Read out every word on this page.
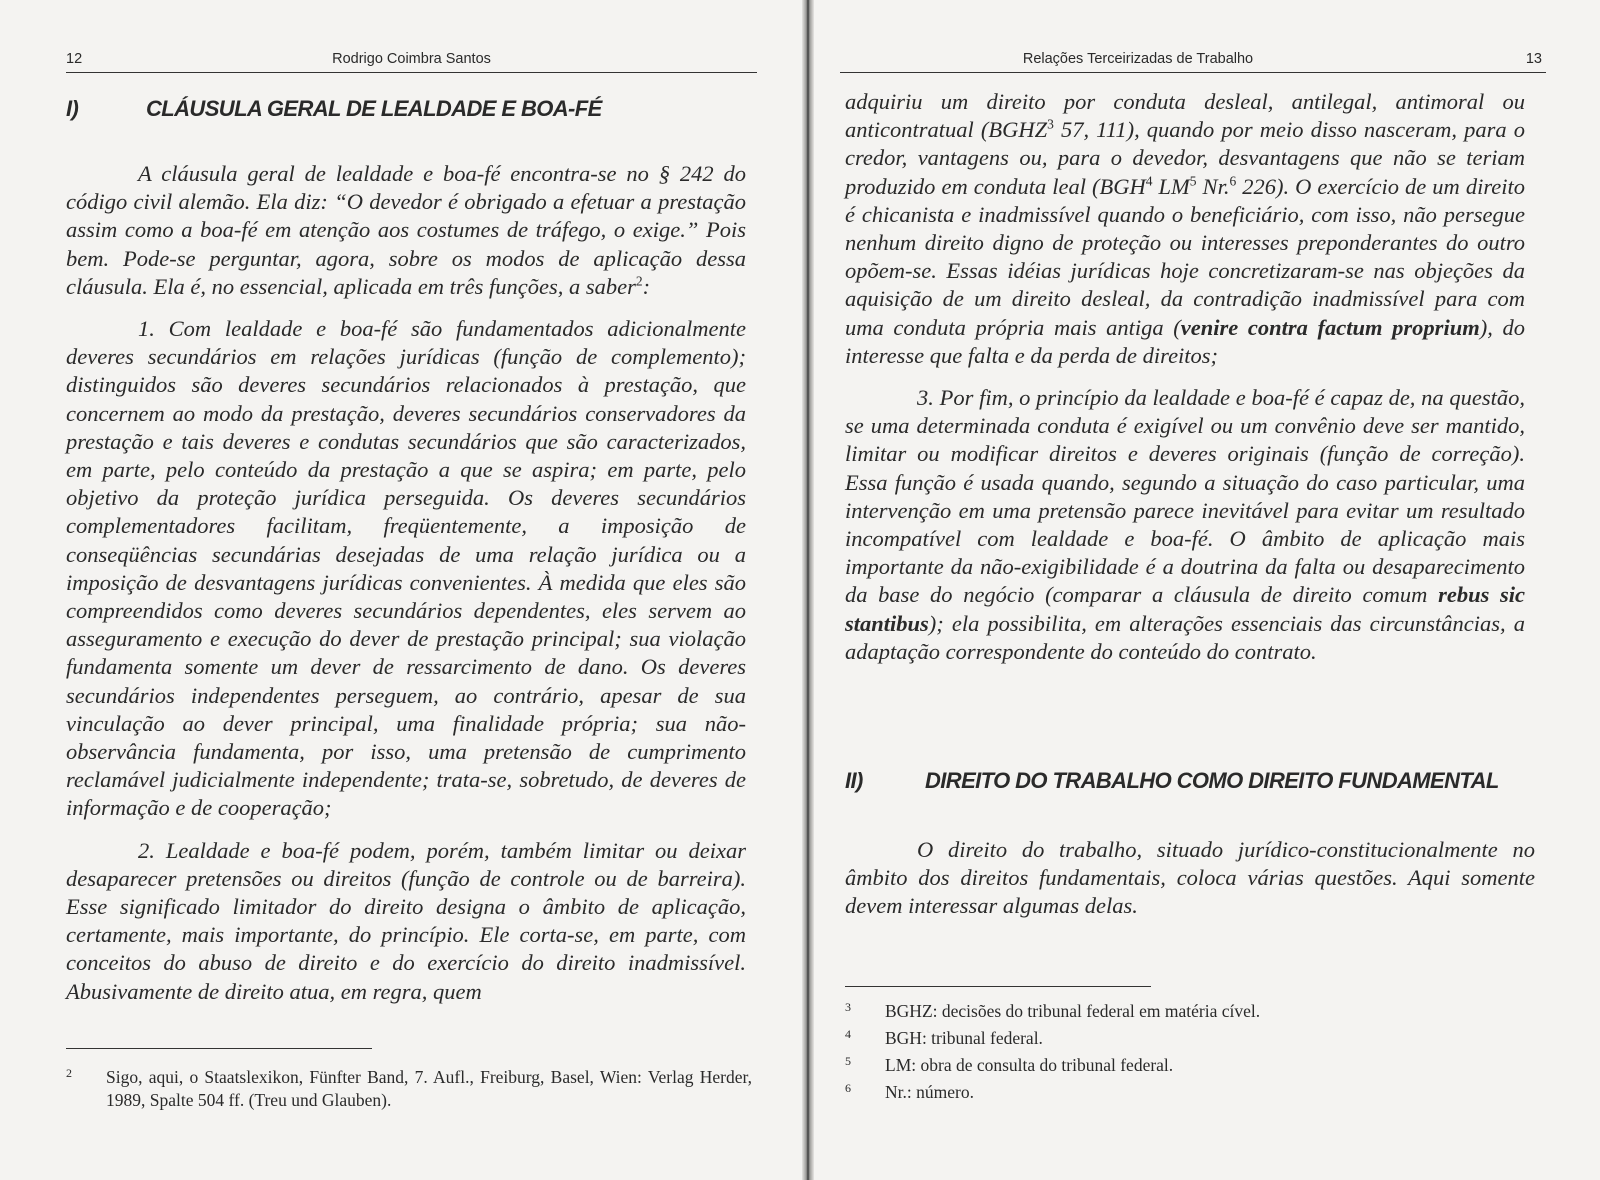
12	Rodrigo Coimbra Santos
I)	CLÁUSULA GERAL DE LEALDADE E BOA-FÉ

A cláusula geral de lealdade e boa-fé encontra-se no § 242 do código civil alemão. Ela diz: “O devedor é obrigado a efetuar a prestação assim como a boa-fé em atenção aos costumes de tráfego, o exige.” Pois bem. Pode-se perguntar, agora, sobre os modos de aplicação dessa cláusula. Ela é, no essencial, aplicada em três funções, a saber$^2$:

1. Com lealdade e boa-fé são fundamentados adicionalmente deveres secundários em relações jurídicas (função de complemento); distinguidos são deveres secundários relacionados à prestação, que concernem ao modo da prestação, deveres secundários conservadores da prestação e tais deveres e condutas secundários que são caracterizados, em parte, pelo conteúdo da prestação a que se aspira; em parte, pelo objetivo da proteção jurídica perseguida. Os deveres secundários complementadores facilitam, freqüentemente, a imposição de conseqüências secundárias desejadas de uma relação jurídica ou a imposição de desvantagens jurídicas convenientes. À medida que eles são compreendidos como deveres secundários dependentes, eles servem ao asseguramento e execução do dever de prestação principal; sua violação fundamenta somente um dever de ressarcimento de dano. Os deveres secundários independentes perseguem, ao contrário, apesar de sua vinculação ao dever principal, uma finalidade própria; sua não-observância fundamenta, por isso, uma pretensão de cumprimento reclamável judicialmente independente; trata-se, sobretudo, de deveres de informação e de cooperação;

2. Lealdade e boa-fé podem, porém, também limitar ou deixar desaparecer pretensões ou direitos (função de controle ou de barreira). Esse significado limitador do direito designa o âmbito de aplicação, certamente, mais importante, do princípio. Ele corta-se, em parte, com conceitos do abuso de direito e do exercício do direito inadmissível. Abusivamente de direito atua, em regra, quem

2 Sigo, aqui, o Staatslexikon, Fünfter Band, 7. Aufl., Freiburg, Basel, Wien: Verlag Herder, 1989, Spalte 504 ff. (Treu und Glauben).
Relações Terceirizadas de Trabalho	13

adquiriu um direito por conduta desleal, antilegal, antimoral ou anticontratual (BGHZ$^3$ 57, 111), quando por meio disso nasceram, para o credor, vantagens ou, para o devedor, desvantagens que não se teriam produzido em conduta leal (BGH$^4$ $LM^5$ Nr.$^6$ 226). O exercício de um direito é chicanista e inadmissível quando o beneficiário, com isso, não persegue nenhum direito digno de proteção ou interesses preponderantes do outro opõem-se. Essas idéias jurídicas hoje concretizaram-se nas objeções da aquisição de um direito desleal, da contradição inadmissível para com uma conduta própria mais antiga (venire contra factum proprium), do interesse que falta e da perda de direitos;

3. Por fim, o princípio da lealdade e boa-fé é capaz de, na questão, se uma determinada conduta é exigível ou um convênio deve ser mantido, limitar ou modificar direitos e deveres originais (função de correção). Essa função é usada quando, segundo a situação do caso particular, uma intervenção em uma pretensão parece inevitável para evitar um resultado incompatível com lealdade e boa-fé. O âmbito de aplicação mais importante da não-exigibilidade é a doutrina da falta ou desaparecimento da base do negócio (comparar a cláusula de direito comum rebus sic stantibus); ela possibilita, em alterações essenciais das circunstâncias, a adaptação correspondente do conteúdo do contrato.

II)	DIREITO DO TRABALHO COMO DIREITO FUNDAMENTAL

O direito do trabalho, situado jurídico-constitucionalmente no âmbito dos direitos fundamentais, coloca várias questões. Aqui somente devem interessar algumas delas.

3 BGHZ: decisões do tribunal federal em matéria cível.
4 BGH: tribunal federal.
5 LM: obra de consulta do tribunal federal.
6 Nr.: número.
